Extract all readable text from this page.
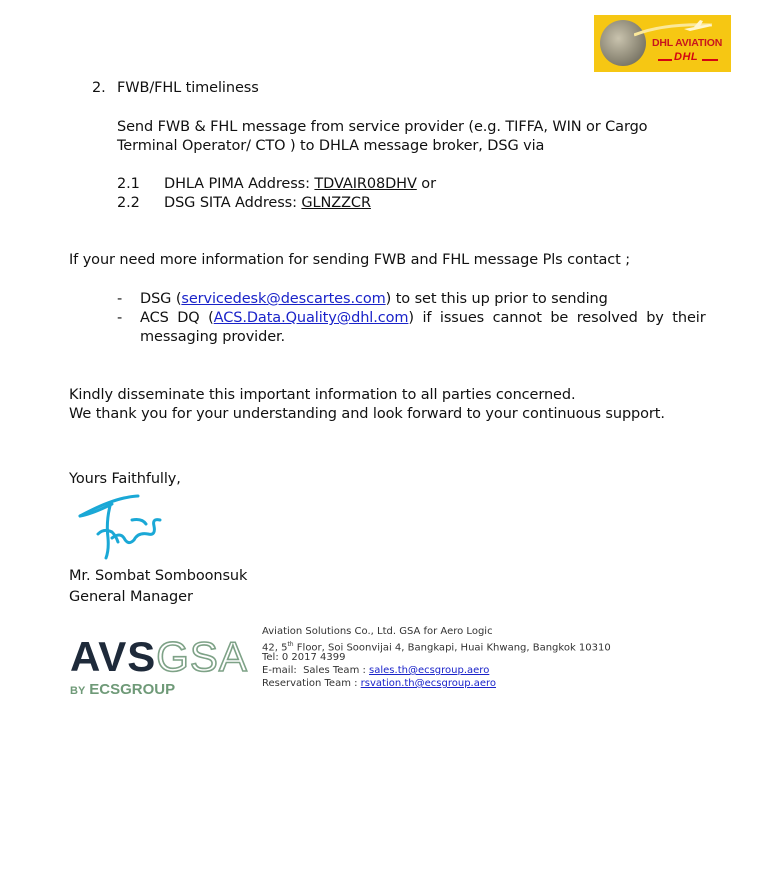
DHL AVIATION
DHL
2. FWB/FHL timeliness
Send FWB & FHL message from service provider (e.g. TIFFA, WIN or Cargo
Terminal Operator/ CTO ) to DHLA message broker, DSG via
2.1 DHLA PIMA Address: TDVAIR08DHV or
2.2 DSG SITA Address: GLNZZCR
If your need more information for sending FWB and FHL message Pls contact ;
- DSG (servicedesk@descartes.com) to set this up prior to sending
- ACS DQ ( ACS.Data.Quality@dhl.com ) if issues cannot be resolved by their
messaging provider.
Kindly disseminate this important information to all parties concerned.
We thank you for your understanding and look forward to your continuous support.
Yours Faithfully,
Mr. Sombat Somboonsuk
General Manager
AVSGSA
BY ECSGROUP
Aviation Solutions Co., Ltd. GSA for Aero Logic
42, 5th Floor, Soi Soonvijai 4, Bangkapi, Huai Khwang, Bangkok 10310
Tel: 0 2017 4399
E-mail:  Sales Team : sales.th@ecsgroup.aero
Reservation Team : rsvation.th@ecsgroup.aero
